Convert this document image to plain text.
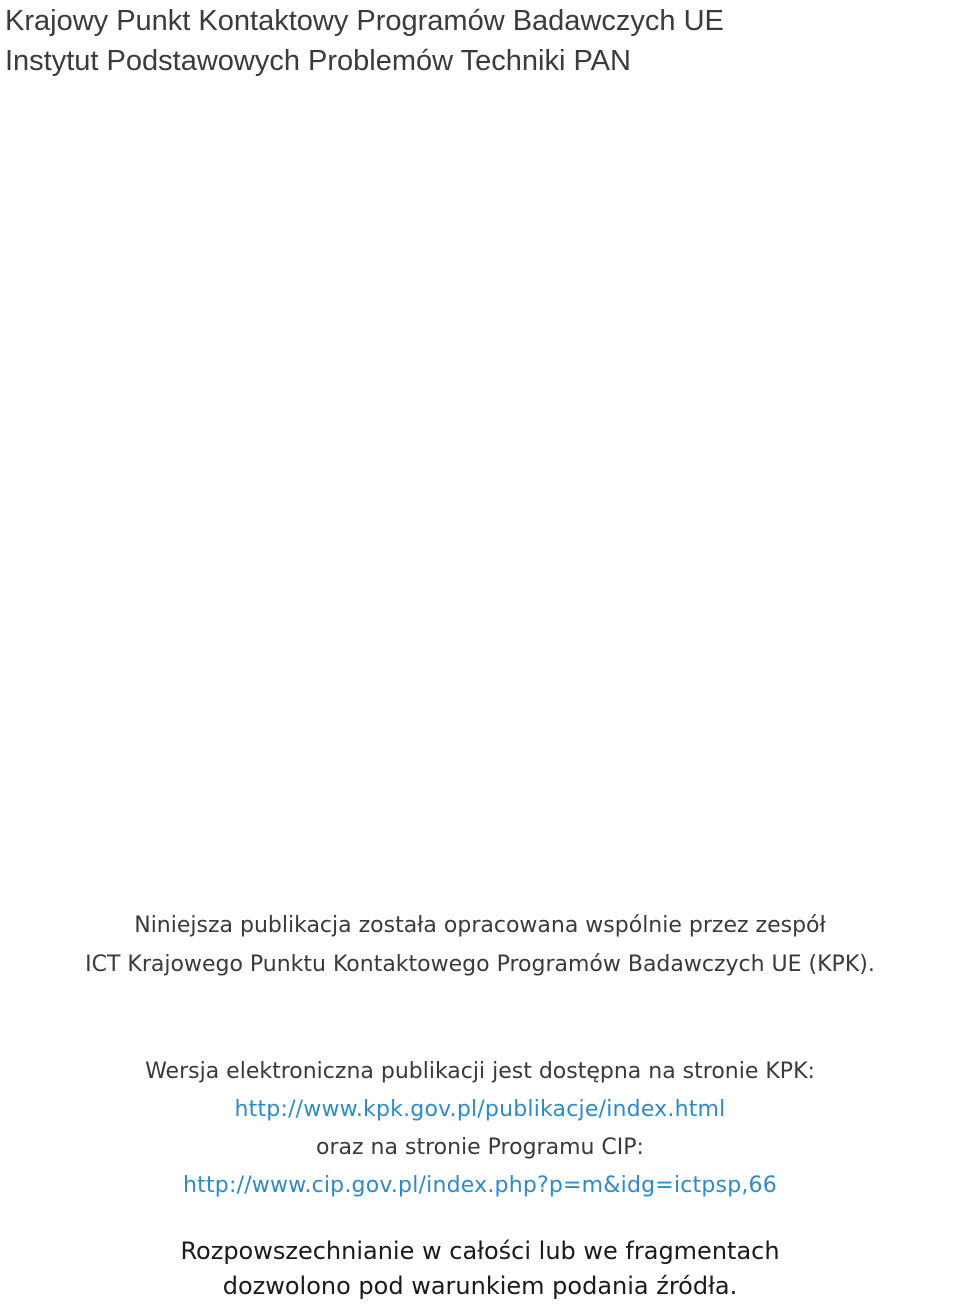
Krajowy Punkt Kontaktowy Programów Badawczych UE
Instytut Podstawowych Problemów Techniki PAN
Niniejsza publikacja została opracowana wspólnie przez zespół
ICT Krajowego Punktu Kontaktowego Programów Badawczych UE (KPK).
Wersja elektroniczna publikacji jest dostępna na stronie KPK:
http://www.kpk.gov.pl/publikacje/index.html
oraz na stronie Programu CIP:
http://www.cip.gov.pl/index.php?p=m&idg=ictpsp,66
Rozpowszechnianie w całości lub we fragmentach
dozwolono pod warunkiem podania źródła.
